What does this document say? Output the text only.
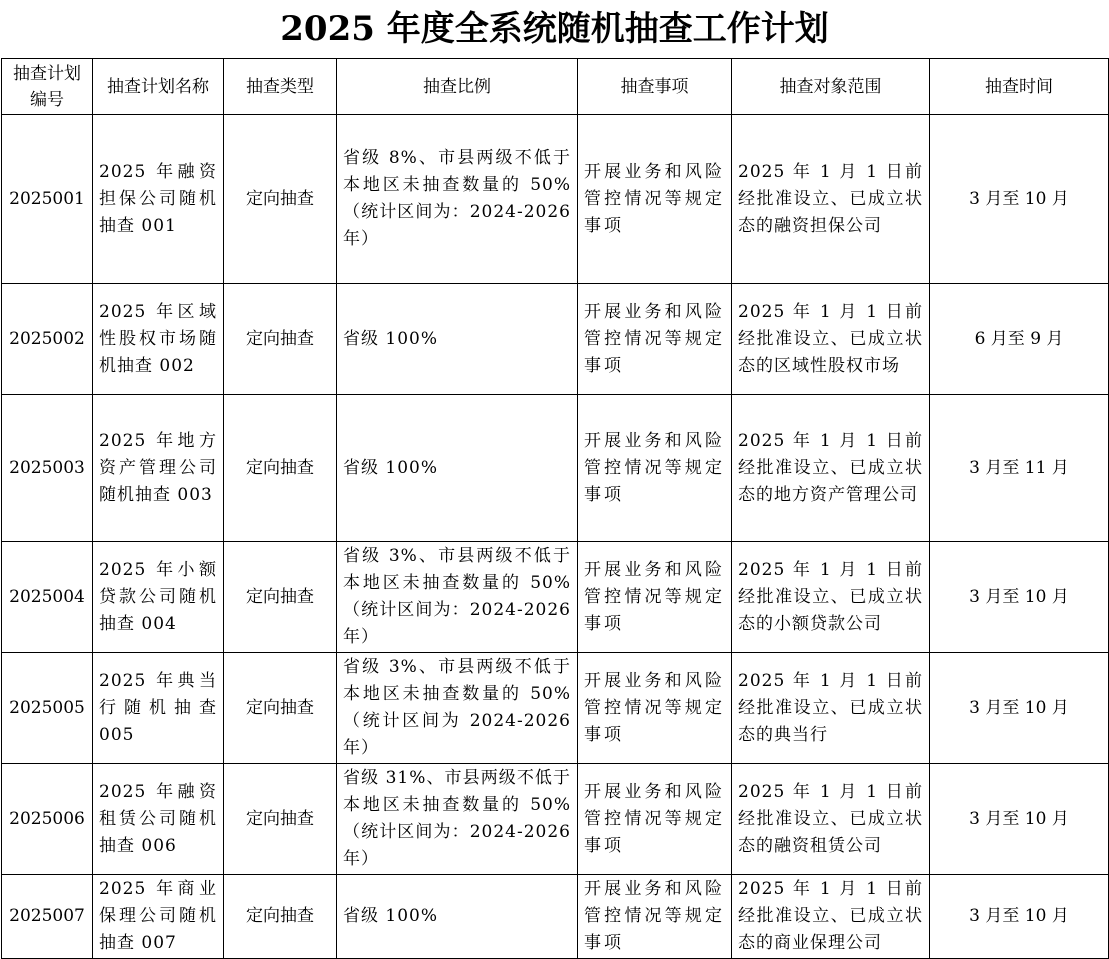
2025 年度全系统随机抽查工作计划
抽查计划编号	抽查计划名称	抽查类型	抽查比例	抽查事项	抽查对象范围	抽查时间
2025001	2025 年融资担保公司随机抽查 001	定向抽查	省级 8%、市县两级不低于本地区未抽查数量的 50%（统计区间为：2024-2026 年）	开展业务和风险管控情况等规定事项	2025 年 1 月 1 日前经批准设立、已成立状态的融资担保公司	3 月至 10 月
2025002	2025 年区域性股权市场随机抽查 002	定向抽查	省级 100%	开展业务和风险管控情况等规定事项	2025 年 1 月 1 日前经批准设立、已成立状态的区域性股权市场	6 月至 9 月
2025003	2025 年地方资产管理公司随机抽查 003	定向抽查	省级 100%	开展业务和风险管控情况等规定事项	2025 年 1 月 1 日前经批准设立、已成立状态的地方资产管理公司	3 月至 11 月
2025004	2025 年小额贷款公司随机抽查 004	定向抽查	省级 3%、市县两级不低于本地区未抽查数量的 50%（统计区间为：2024-2026 年）	开展业务和风险管控情况等规定事项	2025 年 1 月 1 日前经批准设立、已成立状态的小额贷款公司	3 月至 10 月
2025005	2025 年典当行随机抽查 005	定向抽查	省级 3%、市县两级不低于本地区未抽查数量的 50%（统计区间为 2024-2026 年）	开展业务和风险管控情况等规定事项	2025 年 1 月 1 日前经批准设立、已成立状态的典当行	3 月至 10 月
2025006	2025 年融资租赁公司随机抽查 006	定向抽查	省级 31%、市县两级不低于本地区未抽查数量的 50%（统计区间为：2024-2026 年）	开展业务和风险管控情况等规定事项	2025 年 1 月 1 日前经批准设立、已成立状态的融资租赁公司	3 月至 10 月
2025007	2025 年商业保理公司随机抽查 007	定向抽查	省级 100%	开展业务和风险管控情况等规定事项	2025 年 1 月 1 日前经批准设立、已成立状态的商业保理公司	3 月至 10 月
